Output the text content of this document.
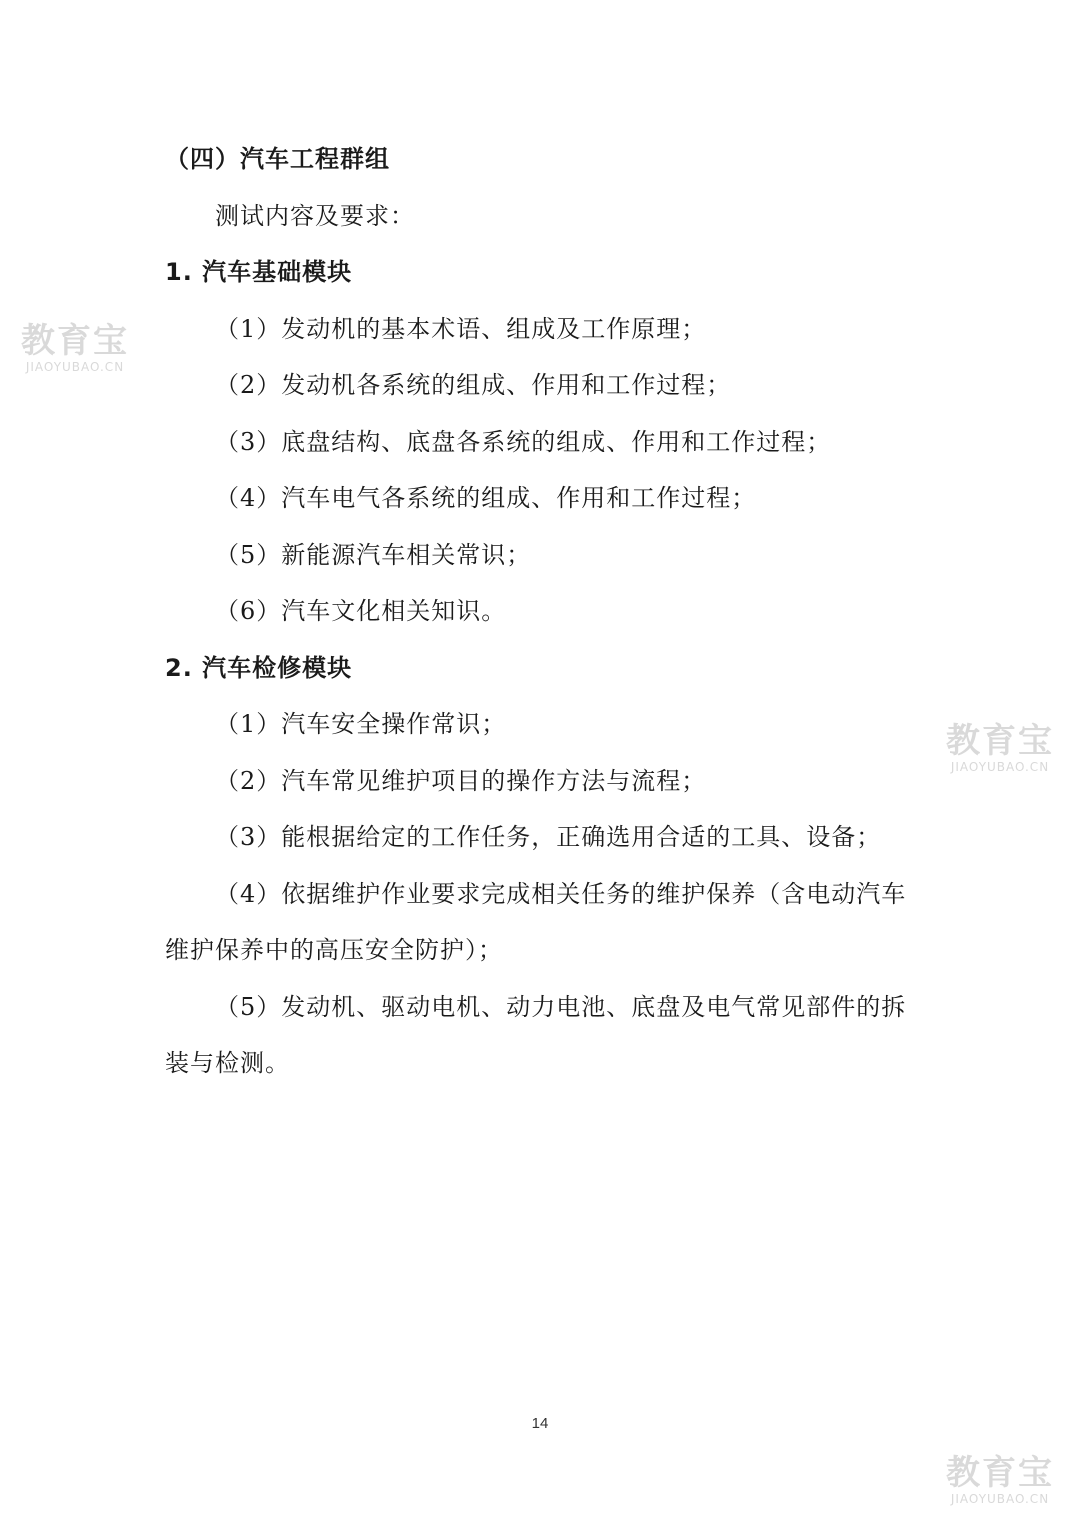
（四）汽车工程群组
测试内容及要求：
1. 汽车基础模块
（1）发动机的基本术语、组成及工作原理；
（2）发动机各系统的组成、作用和工作过程；
（3）底盘结构、底盘各系统的组成、作用和工作过程；
（4）汽车电气各系统的组成、作用和工作过程；
（5）新能源汽车相关常识；
（6）汽车文化相关知识。
2. 汽车检修模块
（1）汽车安全操作常识；
（2）汽车常见维护项目的操作方法与流程；
（3）能根据给定的工作任务，正确选用合适的工具、设备；
（4）依据维护作业要求完成相关任务的维护保养（含电动汽车
维护保养中的高压安全防护）；
（5）发动机、驱动电机、动力电池、底盘及电气常见部件的拆
装与检测。
14
教育宝
JIAOYUBAO.CN
教育宝
JIAOYUBAO.CN
教育宝
JIAOYUBAO.CN
